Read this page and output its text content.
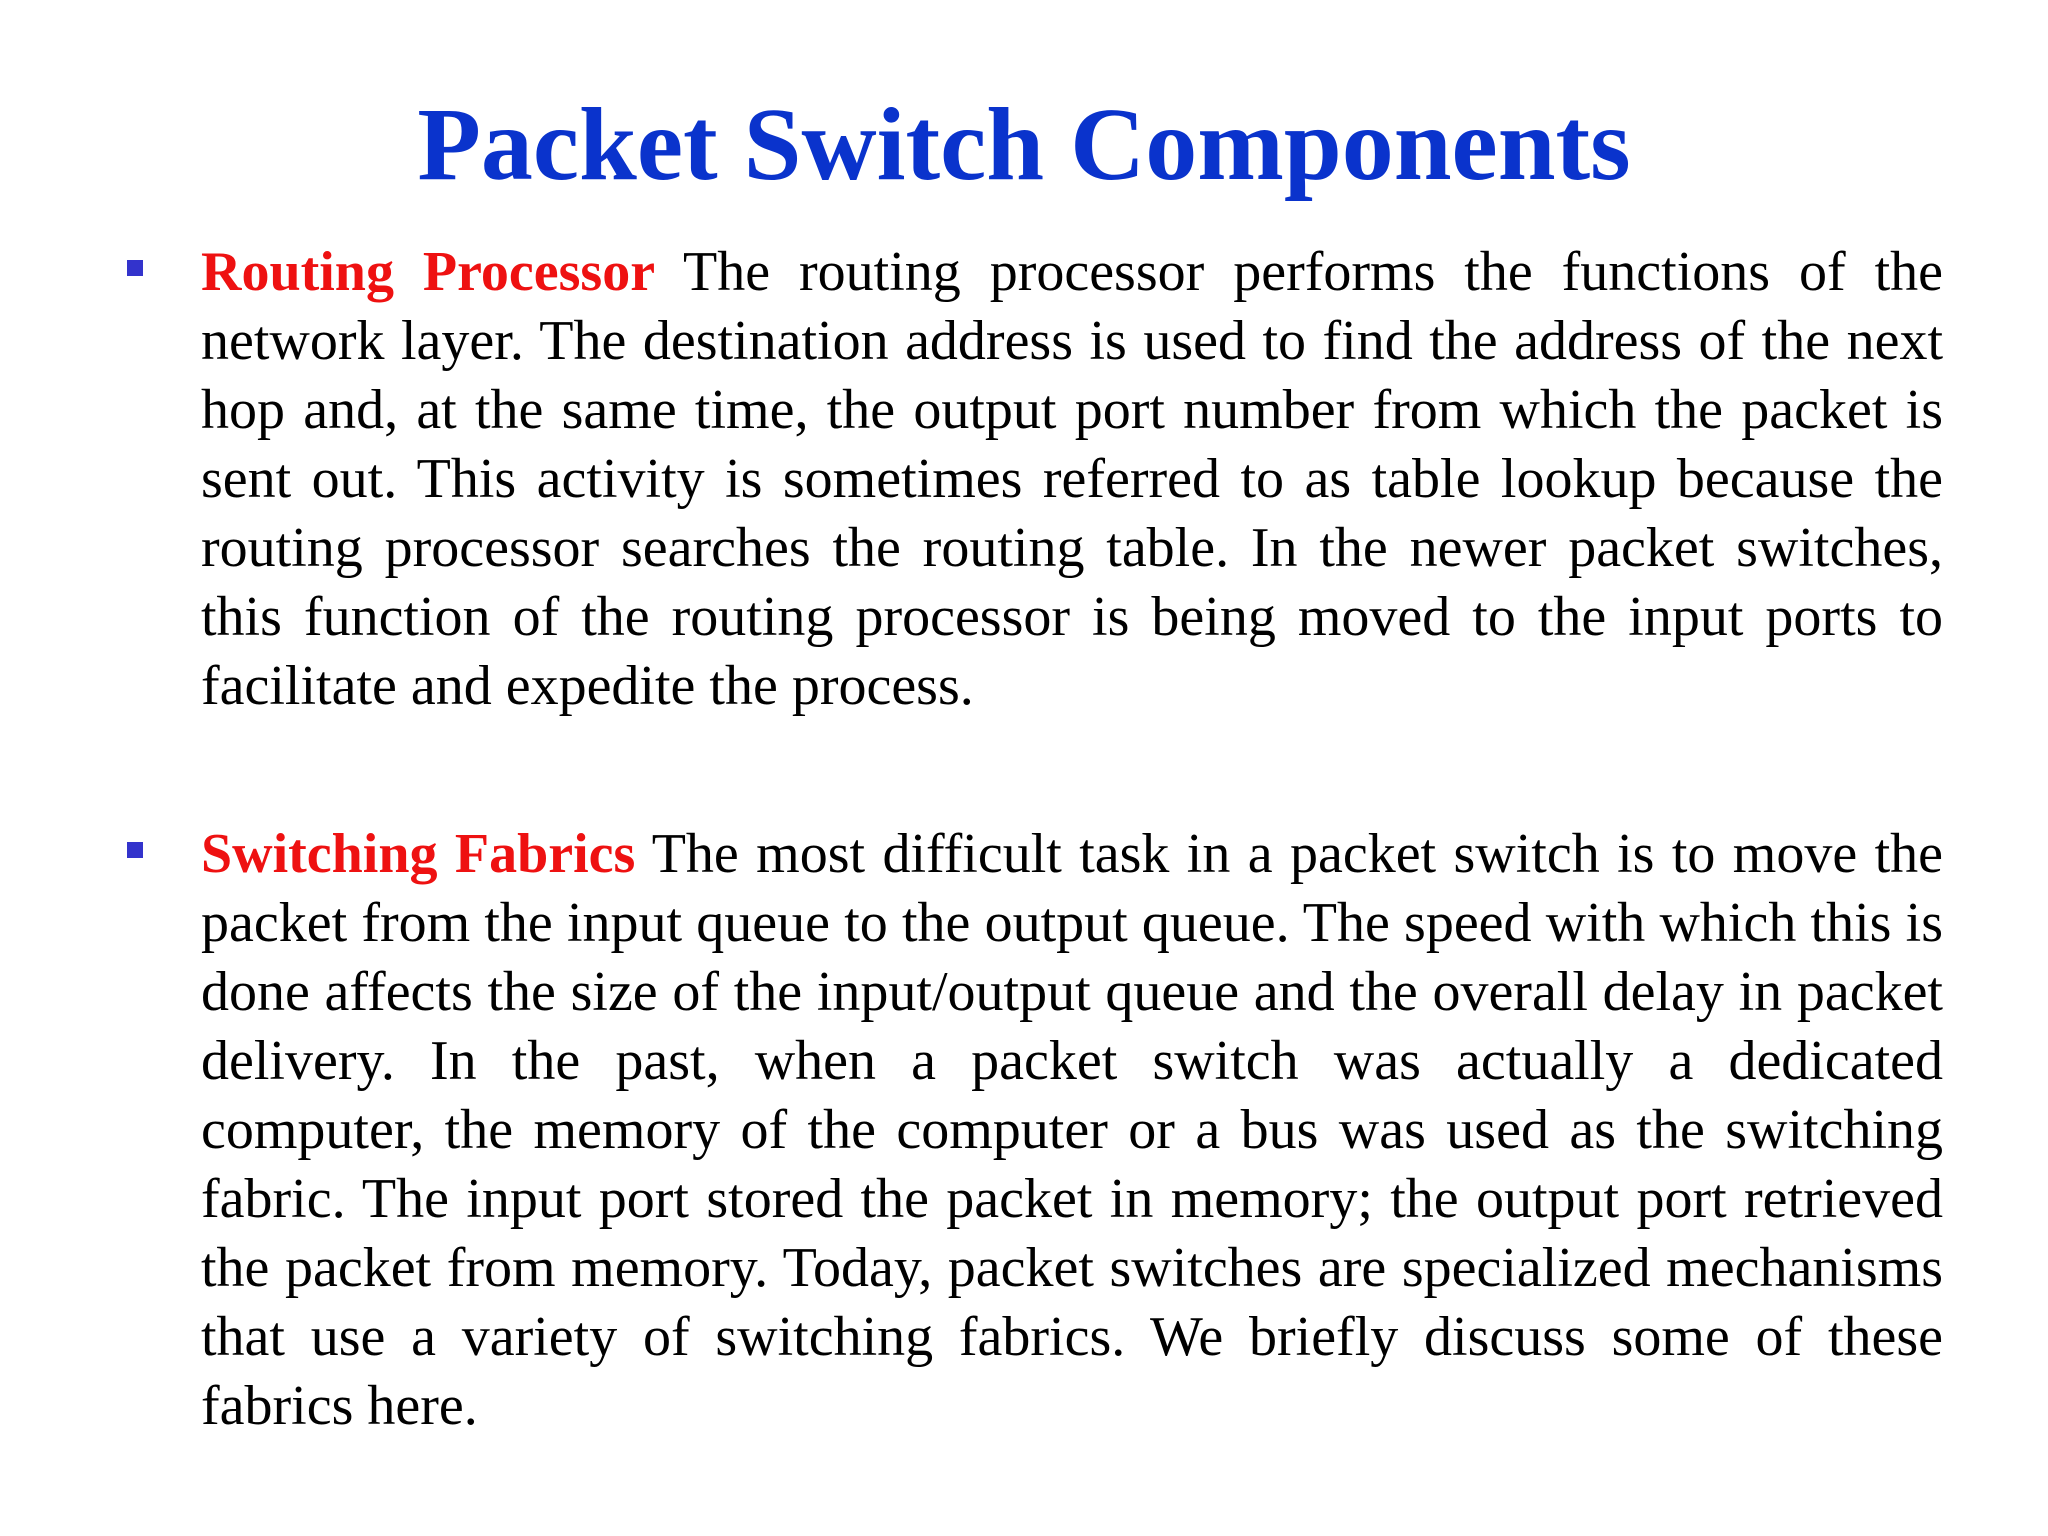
Packet Switch Components

Routing Processor The routing processor performs the functions of the network layer. The destination address is used to find the address of the next hop and, at the same time, the output port number from which the packet is sent out. This activity is sometimes referred to as table lookup because the routing processor searches the routing table. In the newer packet switches, this function of the routing processor is being moved to the input ports to facilitate and expedite the process.

Switching Fabrics The most difficult task in a packet switch is to move the packet from the input queue to the output queue. The speed with which this is done affects the size of the input/output queue and the overall delay in packet delivery. In the past, when a packet switch was actually a dedicated computer, the memory of the computer or a bus was used as the switching fabric. The input port stored the packet in memory; the output port retrieved the packet from memory. Today, packet switches are specialized mechanisms that use a variety of switching fabrics. We briefly discuss some of these fabrics here.
